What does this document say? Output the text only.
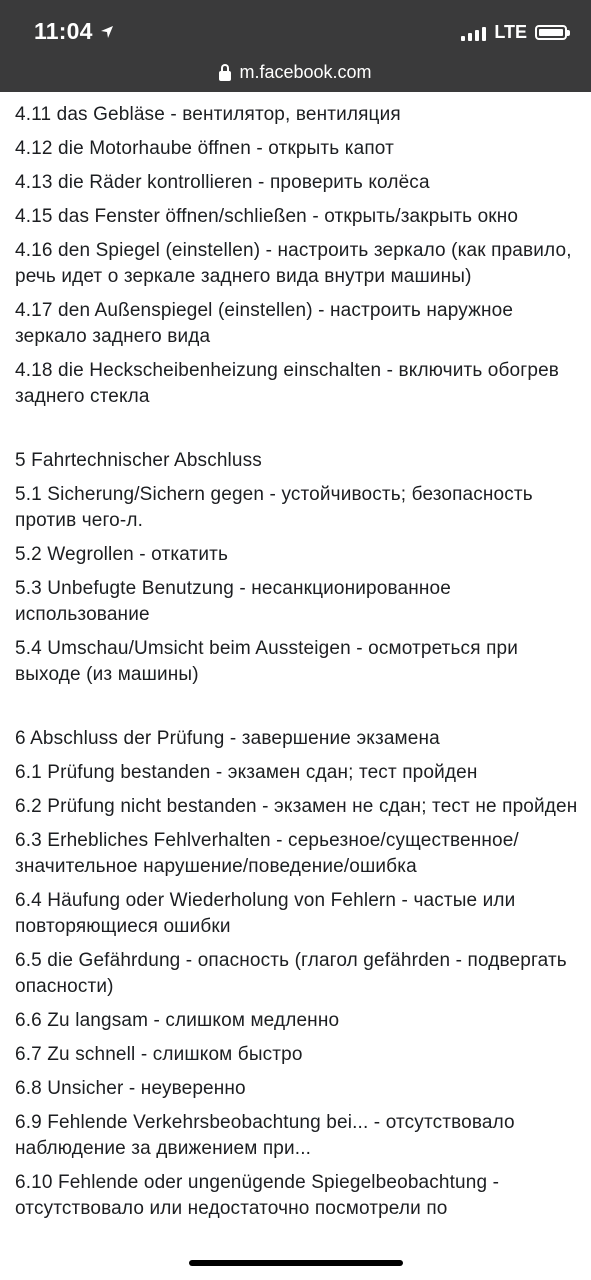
11:04	LTE
m.facebook.com

4.11 das Gebläse - вентилятор, вентиляция

4.12 die Motorhaube öffnen - открыть капот

4.13 die Räder kontrollieren - проверить колёса

4.15 das Fenster öffnen/schließen - открыть/закрыть окно

4.16 den Spiegel (einstellen) - настроить зеркало (как правило, речь идет о зеркале заднего вида внутри машины)

4.17 den Außenspiegel (einstellen) - настроить наружное зеркало заднего вида

4.18 die Heckscheibenheizung einschalten - включить обогрев заднего стекла

5 Fahrtechnischer Abschluss

5.1 Sicherung/Sichern gegen - устойчивость; безопасность против чего-л.

5.2 Wegrollen - откатить

5.3 Unbefugte Benutzung - несанкционированное использование

5.4 Umschau/Umsicht beim Aussteigen - осмотреться при выходе (из машины)

6 Abschluss der Prüfung - завершение экзамена

6.1 Prüfung bestanden - экзамен сдан; тест пройден

6.2 Prüfung nicht bestanden - экзамен не сдан; тест не пройден

6.3 Erhebliches Fehlverhalten - серьезное/существенное/значительное нарушение/поведение/ошибка

6.4 Häufung oder Wiederholung von Fehlern - частые или повторяющиеся ошибки

6.5 die Gefährdung - опасность (глагол gefährden - подвергать опасности)

6.6 Zu langsam - слишком медленно

6.7 Zu schnell - слишком быстро

6.8 Unsicher - неуверенно

6.9 Fehlende Verkehrsbeobachtung bei... - отсутствовало наблюдение за движением при...

6.10 Fehlende oder ungenügende Spiegelbeobachtung - отсутствовало или недостаточно посмотрели по
